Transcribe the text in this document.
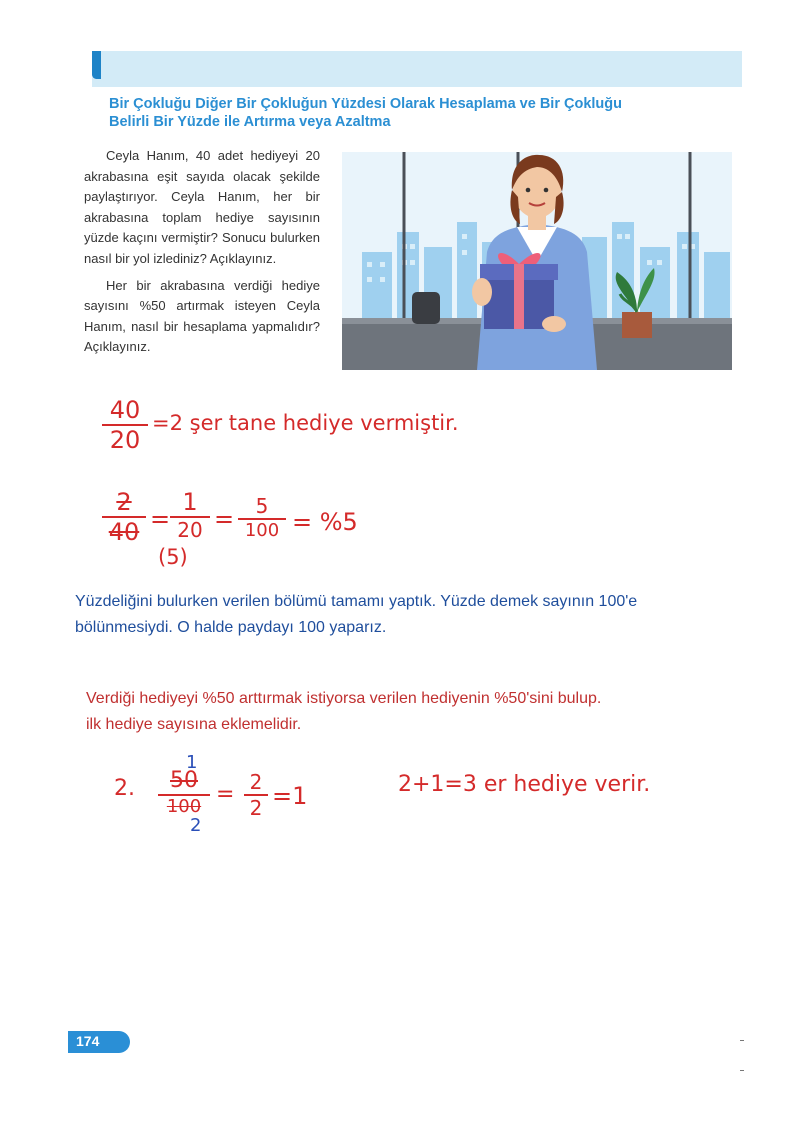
Bir Çokluğu Diğer Bir Çokluğun Yüzdesi Olarak Hesaplama ve Bir Çokluğu
Belirli Bir Yüzde ile Artırma veya Azaltma

Ceyla Hanım, 40 adet hediyeyi 20 akrabasına eşit sayıda olacak şekilde paylaştırıyor. Ceyla Hanım, her bir akrabasına toplam hediye sayısının yüzde kaçını vermiştir? Sonucu bulurken nasıl bir yol izlediniz? Açıklayınız.

Her bir akrabasına verdiği hediye sayısını %50 artırmak isteyen Ceyla Hanım, nasıl bir hesaplama yapmalıdır? Açıklayınız.

40
20
=2 şer tane hediye vermiştir.
2
40 =
1
20
(5)
=	5
100 = %5

Yüzdeliğini bulurken verilen bölümü tamamı yaptık. Yüzde demek sayının 100'e
bölünmesiydi. O halde paydayı 100 yaparız.

Verdiği hediyeyi %50 arttırmak istiyorsa verilen hediyenin %50'sini bulup.
ilk hediye sayısına eklemelidir.

2.
1
50
100
2
= 2
2 =1	2+1=3 er hediye verir.
174
